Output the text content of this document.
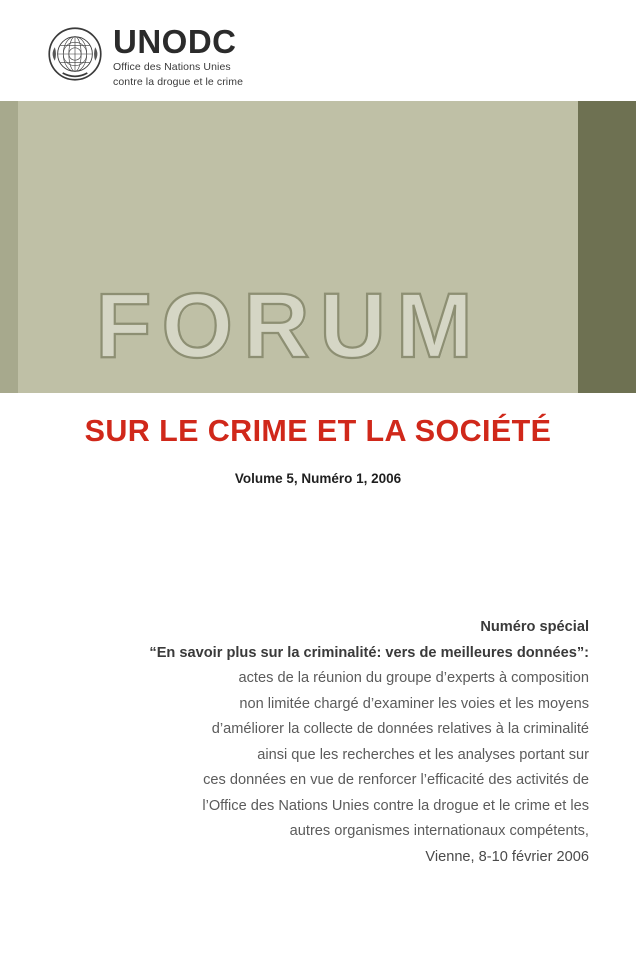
UNODC
Office des Nations Unies
contre la drogue et le crime
FORUM
SUR LE CRIME ET LA SOCIÉTÉ
Volume 5, Numéro 1, 2006
Numéro spécial
“En savoir plus sur la criminalité: vers de meilleures données”:
actes de la réunion du groupe d’experts à composition
non limitée chargé d’examiner les voies et les moyens
d’améliorer la collecte de données relatives à la criminalité
ainsi que les recherches et les analyses portant sur
ces données en vue de renforcer l’efficacité des activités de
l’Office des Nations Unies contre la drogue et le crime et les
autres organismes internationaux compétents,
Vienne, 8-10 février 2006
